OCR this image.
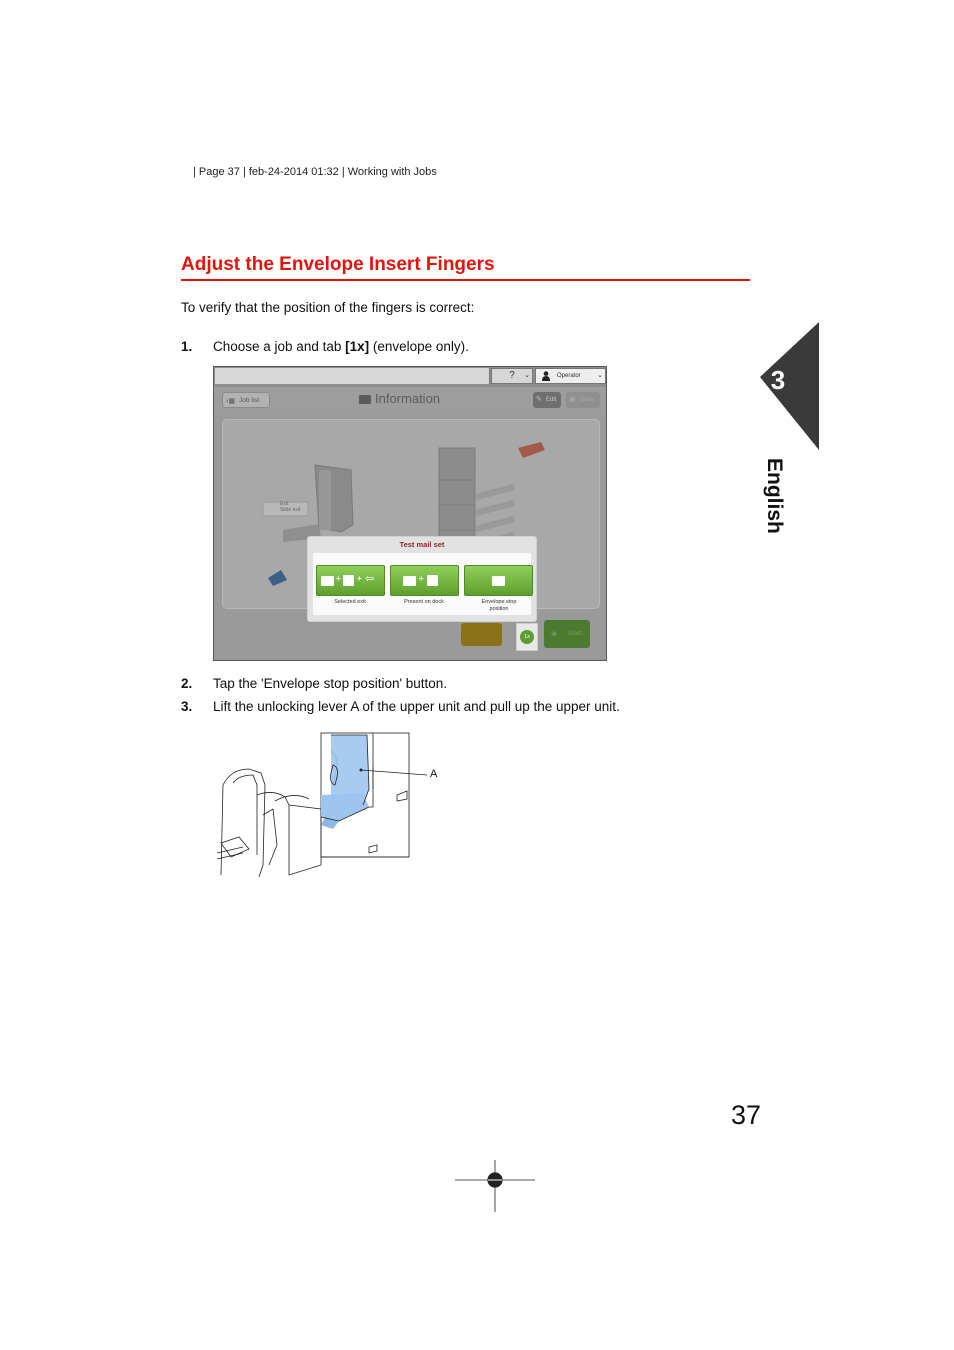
| Page 37 | feb-24-2014 01:32 | Working with Jobs
Adjust the Envelope Insert Fingers
To verify that the position of the fingers is correct:
1. Choose a job and tab [1x] (envelope only).
? ⌄	Operator ⌄
‹▦ Job list	Information	✎ Edit	▣ Save
Exit
Slide exit
◈ Start
Test mail set
+ + ⇦	+
Selected exit	Present on deck	Envelope stop position
1x
2. Tap the 'Envelope stop position' button.
3. Lift the unlocking lever A of the upper unit and pull up the upper unit.
A
3
English
37
